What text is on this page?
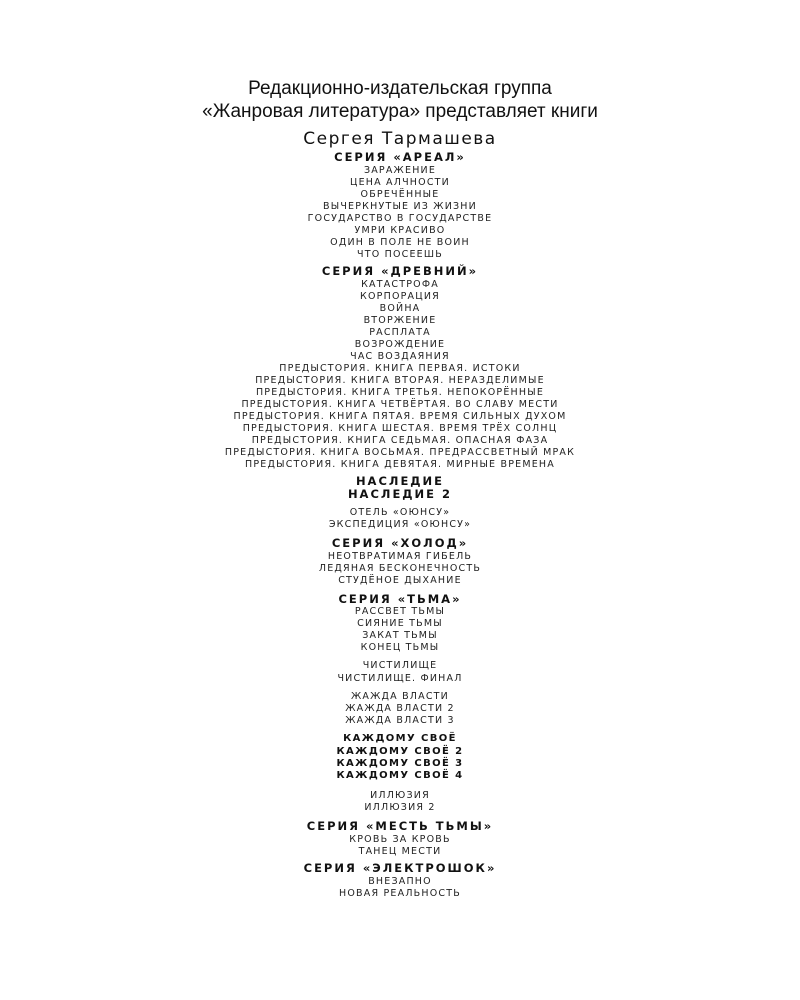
Редакционно-издательская группа
«Жанровая литература» представляет книги
Сергея Тармашева
СЕРИЯ «АРЕАЛ»
ЗАРАЖЕНИЕ
ЦЕНА АЛЧНОСТИ
ОБРЕЧЁННЫЕ
ВЫЧЕРКНУТЫЕ ИЗ ЖИЗНИ
ГОСУДАРСТВО В ГОСУДАРСТВЕ
УМРИ КРАСИВО
ОДИН В ПОЛЕ НЕ ВОИН
ЧТО ПОСЕЕШЬ
СЕРИЯ «ДРЕВНИЙ»
КАТАСТРОФА
КОРПОРАЦИЯ
ВОЙНА
ВТОРЖЕНИЕ
РАСПЛАТА
ВОЗРОЖДЕНИЕ
ЧАС ВОЗДАЯНИЯ
ПРЕДЫСТОРИЯ. КНИГА ПЕРВАЯ. ИСТОКИ
ПРЕДЫСТОРИЯ. КНИГА ВТОРАЯ. НЕРАЗДЕЛИМЫЕ
ПРЕДЫСТОРИЯ. КНИГА ТРЕТЬЯ. НЕПОКОРЁННЫЕ
ПРЕДЫСТОРИЯ. КНИГА ЧЕТВЁРТАЯ. ВО СЛАВУ МЕСТИ
ПРЕДЫСТОРИЯ. КНИГА ПЯТАЯ. ВРЕМЯ СИЛЬНЫХ ДУХОМ
ПРЕДЫСТОРИЯ. КНИГА ШЕСТАЯ. ВРЕМЯ ТРЁХ СОЛНЦ
ПРЕДЫСТОРИЯ. КНИГА СЕДЬМАЯ. ОПАСНАЯ ФАЗА
ПРЕДЫСТОРИЯ. КНИГА ВОСЬМАЯ. ПРЕДРАССВЕТНЫЙ МРАК
ПРЕДЫСТОРИЯ. КНИГА ДЕВЯТАЯ. МИРНЫЕ ВРЕМЕНА
НАСЛЕДИЕ
НАСЛЕДИЕ 2
ОТЕЛЬ «ОЮНСУ»
ЭКСПЕДИЦИЯ «ОЮНСУ»
СЕРИЯ «ХОЛОД»
НЕОТВРАТИМАЯ ГИБЕЛЬ
ЛЕДЯНАЯ БЕСКОНЕЧНОСТЬ
СТУДЁНОЕ ДЫХАНИЕ
СЕРИЯ «ТЬМА»
РАССВЕТ ТЬМЫ
СИЯНИЕ ТЬМЫ
ЗАКАТ ТЬМЫ
КОНЕЦ ТЬМЫ
ЧИСТИЛИЩЕ
ЧИСТИЛИЩЕ. ФИНАЛ
ЖАЖДА ВЛАСТИ
ЖАЖДА ВЛАСТИ 2
ЖАЖДА ВЛАСТИ 3
КАЖДОМУ СВОЁ
КАЖДОМУ СВОЁ 2
КАЖДОМУ СВОЁ 3
КАЖДОМУ СВОЁ 4
ИЛЛЮЗИЯ
ИЛЛЮЗИЯ 2
СЕРИЯ «МЕСТЬ ТЬМЫ»
КРОВЬ ЗА КРОВЬ
ТАНЕЦ МЕСТИ
СЕРИЯ «ЭЛЕКТРОШОК»
ВНЕЗАПНО
НОВАЯ РЕАЛЬНОСТЬ
